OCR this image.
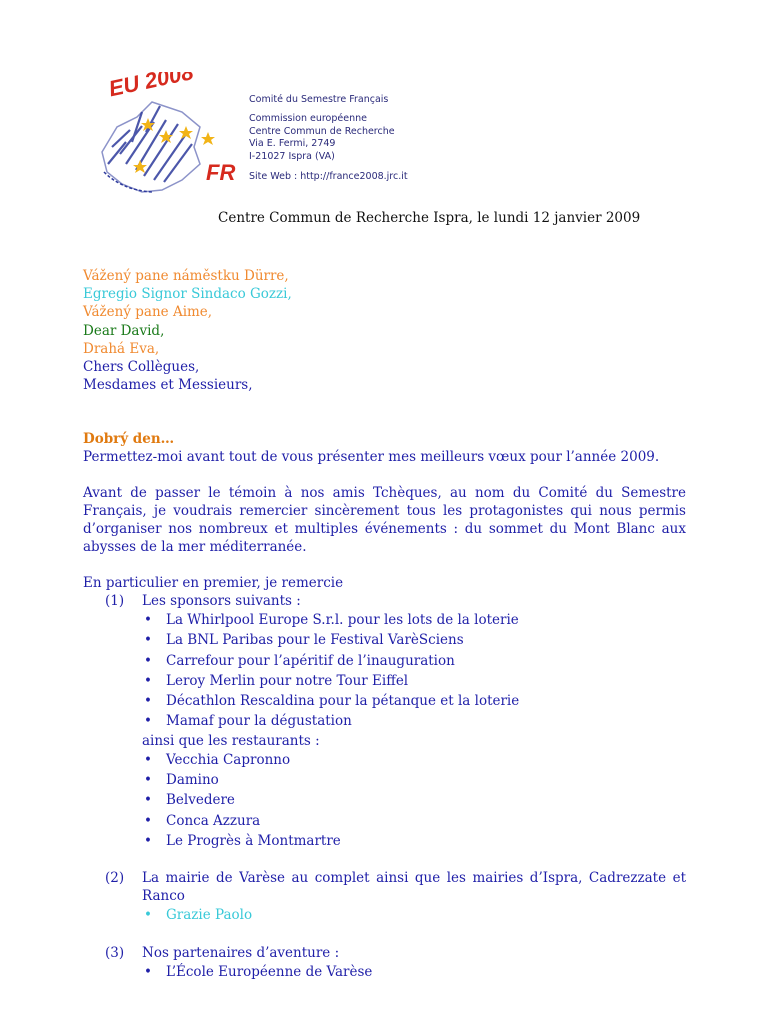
EU 2008
FR
Comité du Semestre Français
Commission européenne
Centre Commun de Recherche
Via E. Fermi, 2749
I-21027 Ispra (VA)
Site Web : http://france2008.jrc.it
Centre Commun de Recherche Ispra, le lundi 12 janvier 2009
Vážený pane náměstku Dürre,
Egregio Signor Sindaco Gozzi,
Vážený pane Aime,
Dear David,
Drahá Eva,
Chers Collègues,
Mesdames et Messieurs,

Dobrý den…

Permettez-moi avant tout de vous présenter mes meilleurs vœux pour l’année 2009.

Avant de passer le témoin à nos amis Tchèques, au nom du Comité du Semestre Français, je voudrais remercier sincèrement tous les protagonistes qui nous permis d’organiser nos nombreux et multiples événements : du sommet du Mont Blanc aux abysses de la mer méditerranée.

En particulier en premier, je remercie

(1) Les sponsors suivants :
• La Whirlpool Europe S.r.l. pour les lots de la loterie
• La BNL Paribas pour le Festival VarèSciens
• Carrefour pour l’apéritif de l’inauguration
• Leroy Merlin pour notre Tour Eiffel
• Décathlon Rescaldina pour la pétanque et la loterie
• Mamaf pour la dégustation
ainsi que les restaurants :
• Vecchia Capronno
• Damino
• Belvedere
• Conca Azzura
• Le Progrès à Montmartre
(2) La mairie de Varèse au complet ainsi que les mairies d’Ispra, Cadrezzate et Ranco

• Grazie Paolo
(3) Nos partenaires d’aventure :
• L’École Européenne de Varèse
